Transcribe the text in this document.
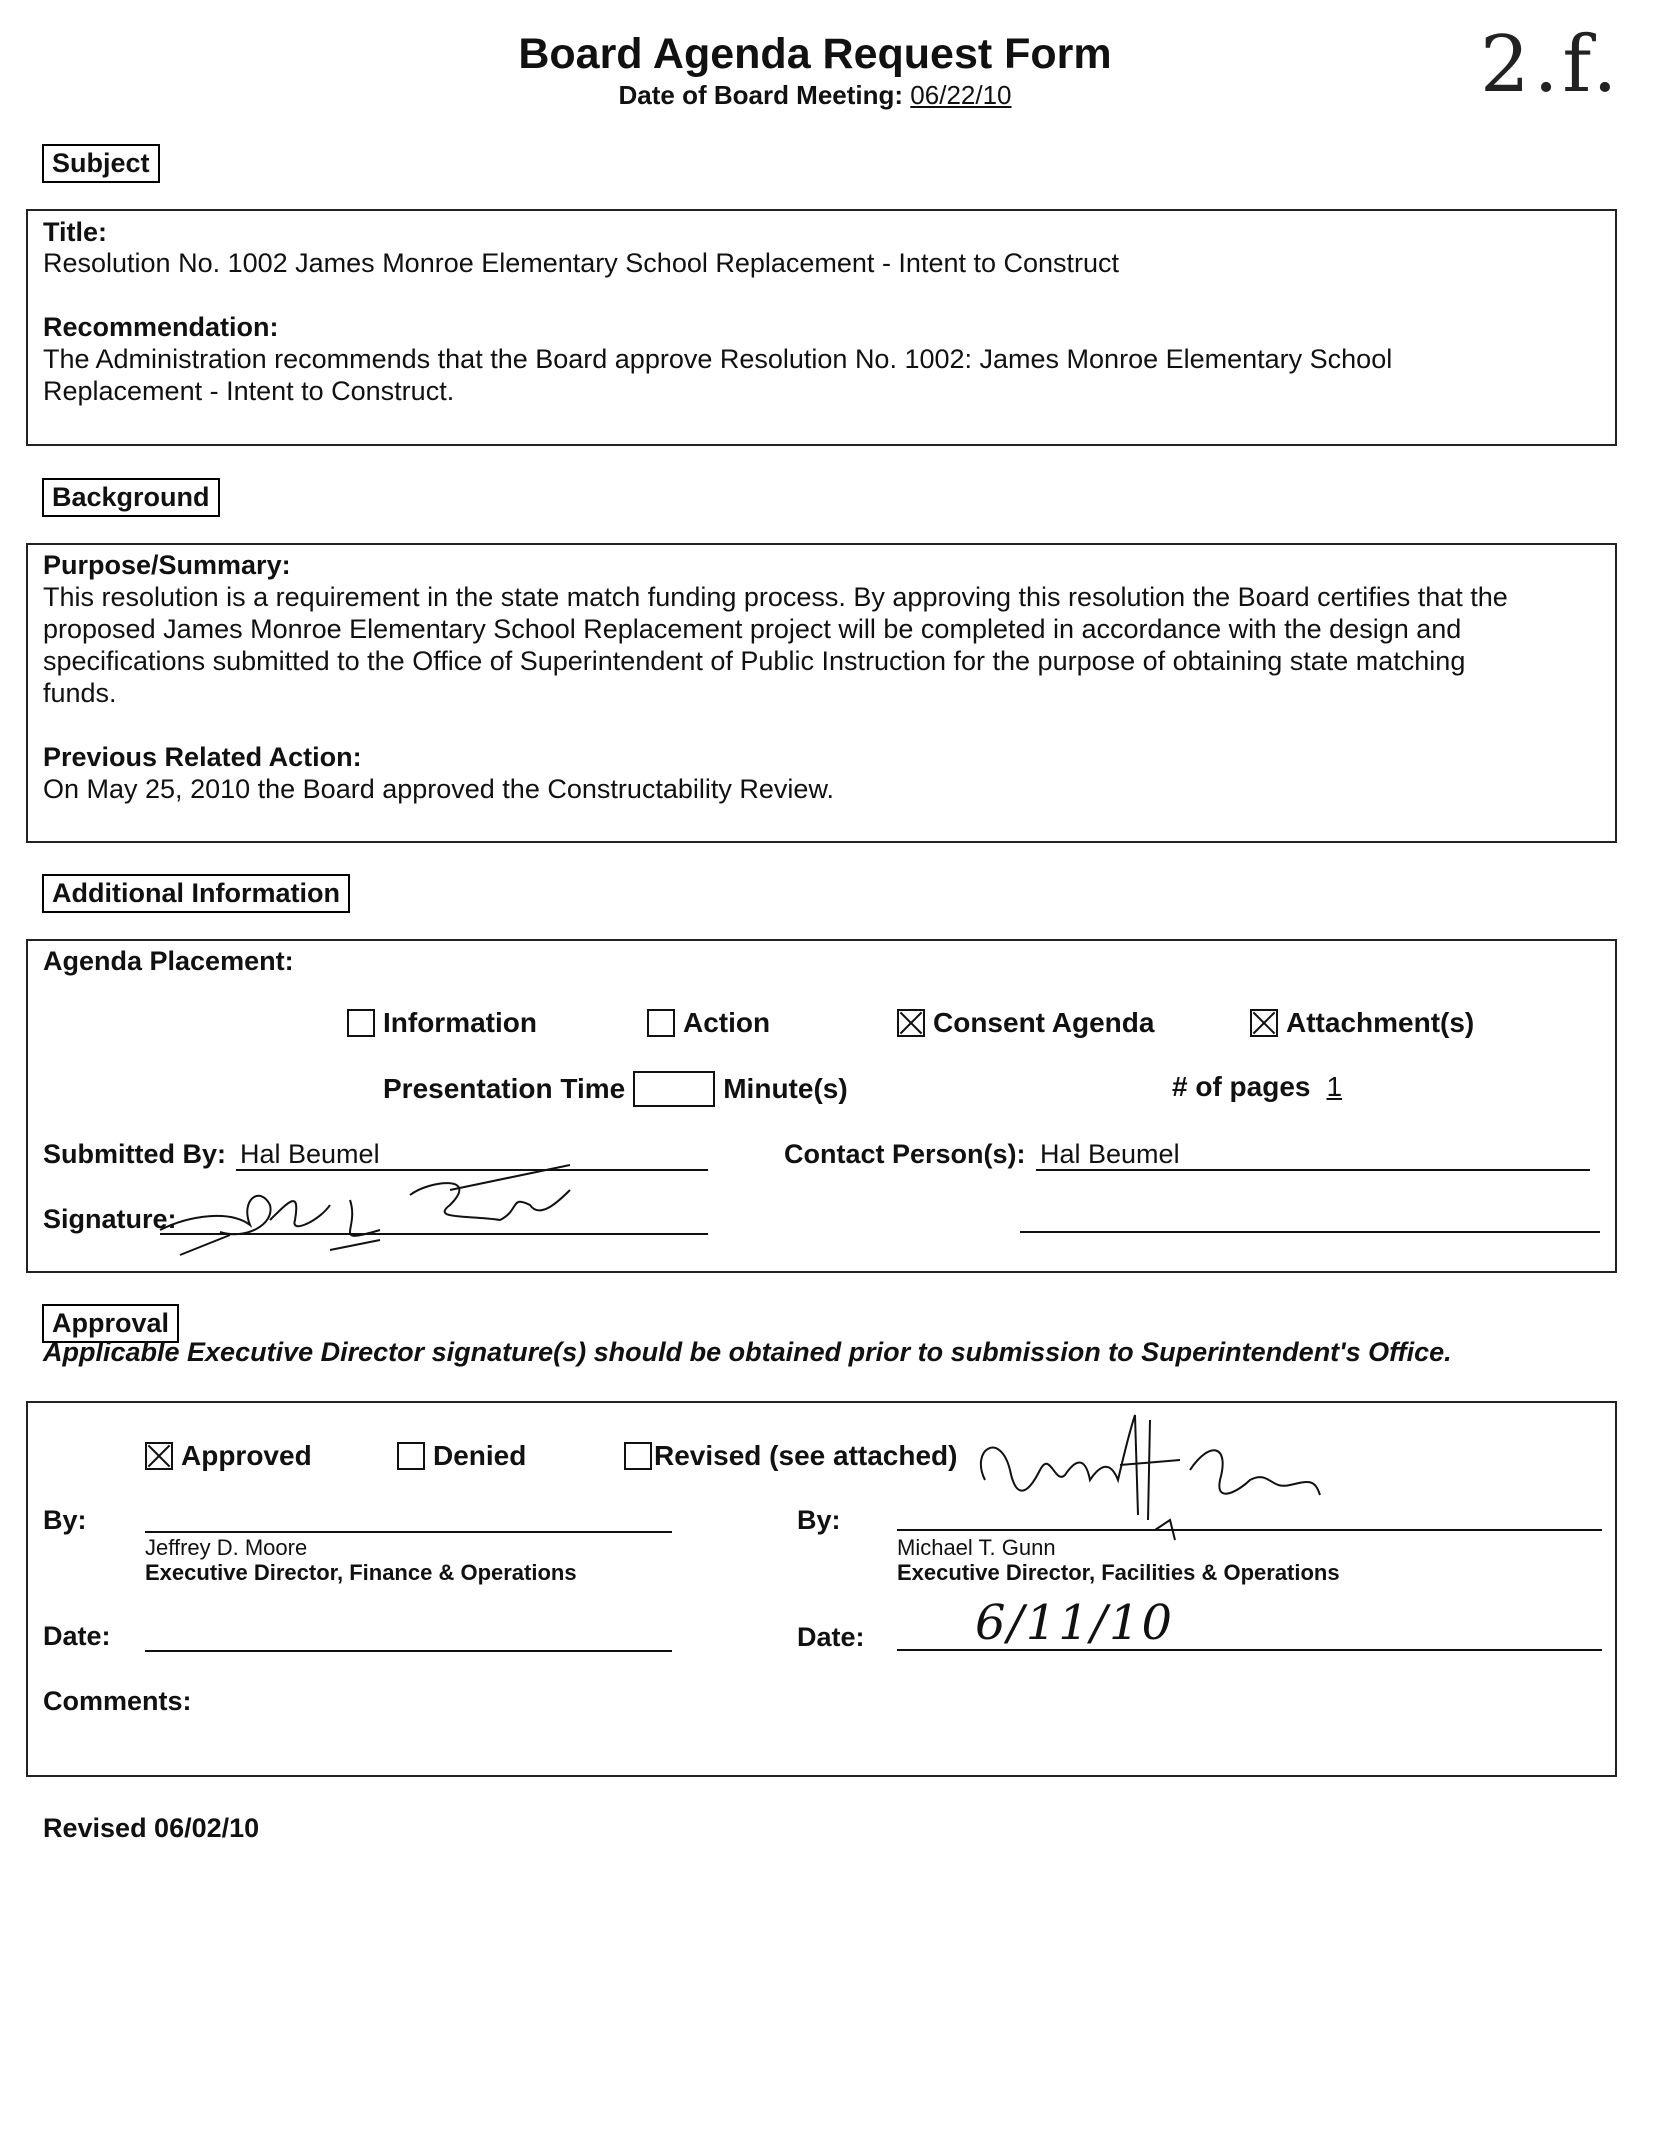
Board Agenda Request Form
Date of Board Meeting: 06/22/10	2.f.
Subject
Title:
Resolution No. 1002 James Monroe Elementary School Replacement - Intent to Construct
Recommendation:
The Administration recommends that the Board approve Resolution No. 1002: James Monroe Elementary School
Replacement - Intent to Construct.
Background
Purpose/Summary:
This resolution is a requirement in the state match funding process. By approving this resolution the Board certifies that the
proposed James Monroe Elementary School Replacement project will be completed in accordance with the design and
specifications submitted to the Office of Superintendent of Public Instruction for the purpose of obtaining state matching
funds.
Previous Related Action:
On May 25, 2010 the Board approved the Constructability Review.
Additional Information
Agenda Placement:
Information	Action	Consent Agenda	Attachment(s)
Presentation Time	Minute(s)	# of pages 1
Submitted By: Hal Beumel	Contact Person(s): Hal Beumel
Signature:
Approval
Applicable Executive Director signature(s) should be obtained prior to submission to Superintendent's Office.
Approved	Denied	Revised (see attached)
By:
Jeffrey D. Moore
Executive Director, Finance & Operations
By:
Michael T. Gunn
Executive Director, Facilities & Operations
Date:	Date: 6/11/10
Comments:
Revised 06/02/10
